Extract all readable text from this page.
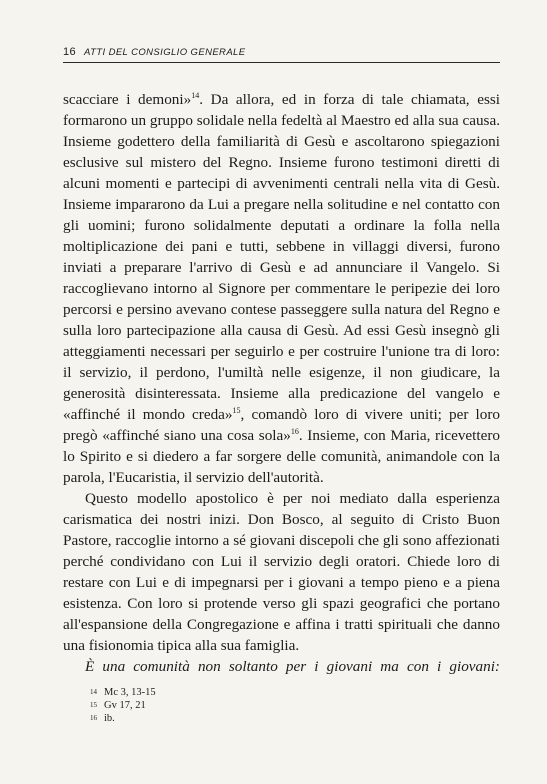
16 ATTI DEL CONSIGLIO GENERALE

scacciare i demoni»$^{14}$. Da allora, ed in forza di tale chiamata, essi formarono un gruppo solidale nella fedeltà al Maestro ed alla sua causa. Insieme godettero della familiarità di Gesù e ascoltarono spiegazioni esclusive sul mistero del Regno. Insieme furono testimoni diretti di alcuni momenti e partecipi di avvenimenti centrali nella vita di Gesù. Insieme impararono da Lui a pregare nella solitudine e nel contatto con gli uomini; furono solidalmente deputati a ordinare la folla nella moltiplicazione dei pani e tutti, sebbene in villaggi diversi, furono inviati a preparare l'arrivo di Gesù e ad annunciare il Vangelo. Si raccoglievano intorno al Signore per commentare le peripezie dei loro percorsi e persino avevano contese passeggere sulla natura del Regno e sulla loro partecipazione alla causa di Gesù. Ad essi Gesù insegnò gli atteggiamenti necessari per seguirlo e per costruire l'unione tra di loro: il servizio, il perdono, l'umiltà nelle esigenze, il non giudicare, la generosità disinteressata. Insieme alla predicazione del vangelo e «affinché il mondo creda»$^{15}$, comandò loro di vivere uniti; per loro pregò «affinché siano una cosa sola»$^{16}$. Insieme, con Maria, ricevettero lo Spirito e si diedero a far sorgere delle comunità, animandole con la parola, l'Eucaristia, il servizio dell'autorità.

Questo modello apostolico è per noi mediato dalla esperienza carismatica dei nostri inizi. Don Bosco, al seguito di Cristo Buon Pastore, raccoglie intorno a sé giovani discepoli che gli sono affezionati perché condividano con Lui il servizio degli oratori. Chiede loro di restare con Lui e di impegnarsi per i giovani a tempo pieno e a piena esistenza. Con loro si protende verso gli spazi geografici che portano all'espansione della Congregazione e affina i tratti spirituali che danno una fisionomia tipica alla sua famiglia.

È una comunità non soltanto per i giovani ma con i giovani:

14 Mc 3, 13-15
15 Gv 17, 21
16 ib.
